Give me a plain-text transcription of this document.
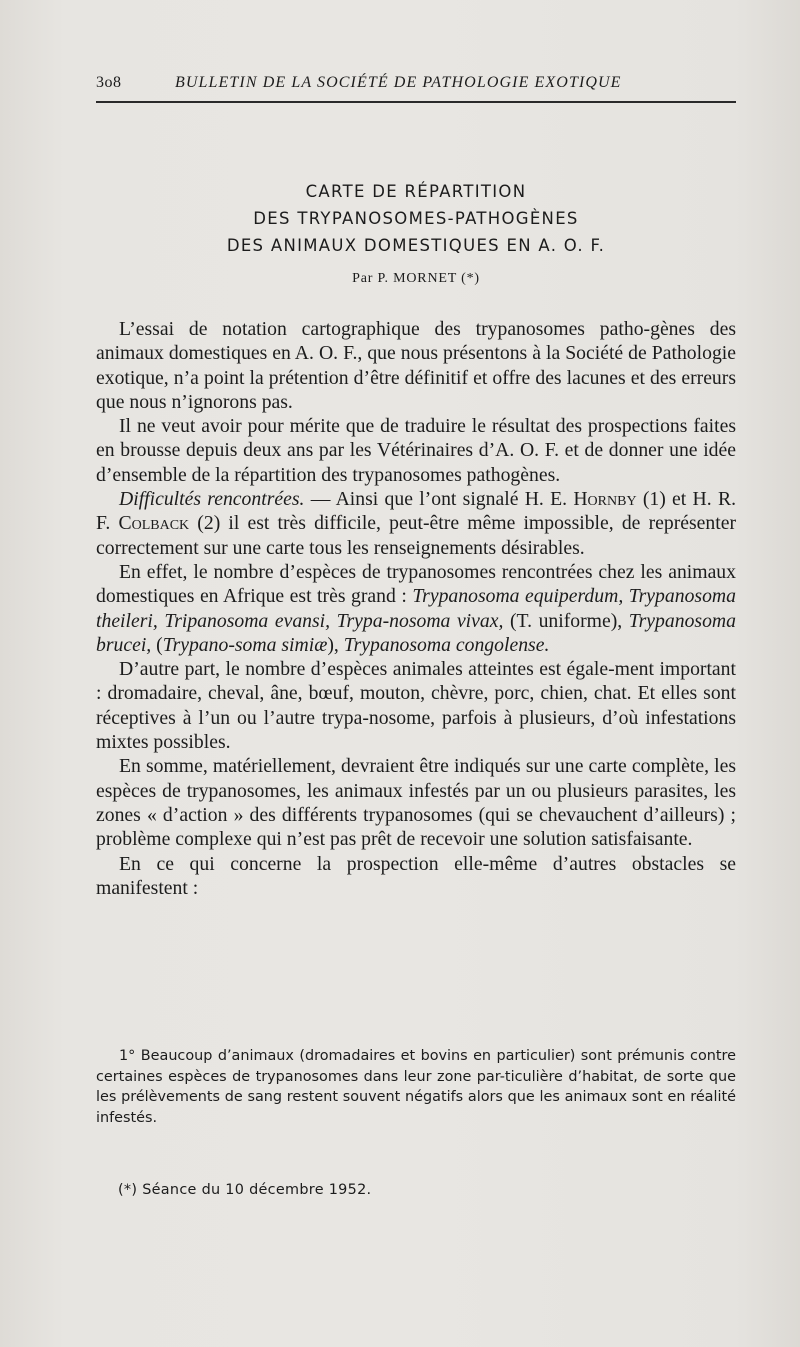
3o8	BULLETIN DE LA SOCIÉTÉ DE PATHOLOGIE EXOTIQUE
CARTE DE RÉPARTITION
DES TRYPANOSOMES-PATHOGÈNES
DES ANIMAUX DOMESTIQUES EN A. O. F.
Par P. MORNET (*)

L’essai de notation cartographique des trypanosomes patho-gènes des animaux domestiques en A. O. F., que nous présentons à la Société de Pathologie exotique, n’a point la prétention d’être définitif et offre des lacunes et des erreurs que nous n’ignorons pas.

Il ne veut avoir pour mérite que de traduire le résultat des prospections faites en brousse depuis deux ans par les Vétérinaires d’A. O. F. et de donner une idée d’ensemble de la répartition des trypanosomes pathogènes.

Difficultés rencontrées. — Ainsi que l’ont signalé H. E. Hornby (1) et H. R. F. Colback (2) il est très difficile, peut-être même impossible, de représenter correctement sur une carte tous les renseignements désirables.

En effet, le nombre d’espèces de trypanosomes rencontrées chez les animaux domestiques en Afrique est très grand : Trypanosoma equiperdum, Trypanosoma theileri, Tripanosoma evansi, Trypa-nosoma vivax, (T. uniforme), Trypanosoma brucei, (Trypano-soma simiæ), Trypanosoma congolense.

D’autre part, le nombre d’espèces animales atteintes est égale-ment important : dromadaire, cheval, âne, bœuf, mouton, chèvre, porc, chien, chat. Et elles sont réceptives à l’un ou l’autre trypa-nosome, parfois à plusieurs, d’où infestations mixtes possibles.

En somme, matériellement, devraient être indiqués sur une carte complète, les espèces de trypanosomes, les animaux infestés par un ou plusieurs parasites, les zones « d’action » des différents trypanosomes (qui se chevauchent d’ailleurs) ; problème complexe qui n’est pas prêt de recevoir une solution satisfaisante.

En ce qui concerne la prospection elle-même d’autres obstacles se manifestent :

1° Beaucoup d’animaux (dromadaires et bovins en particulier) sont prémunis contre certaines espèces de trypanosomes dans leur zone par-ticulière d’habitat, de sorte que les prélèvements de sang restent souvent négatifs alors que les animaux sont en réalité infestés.
(*) Séance du 10 décembre 1952.
